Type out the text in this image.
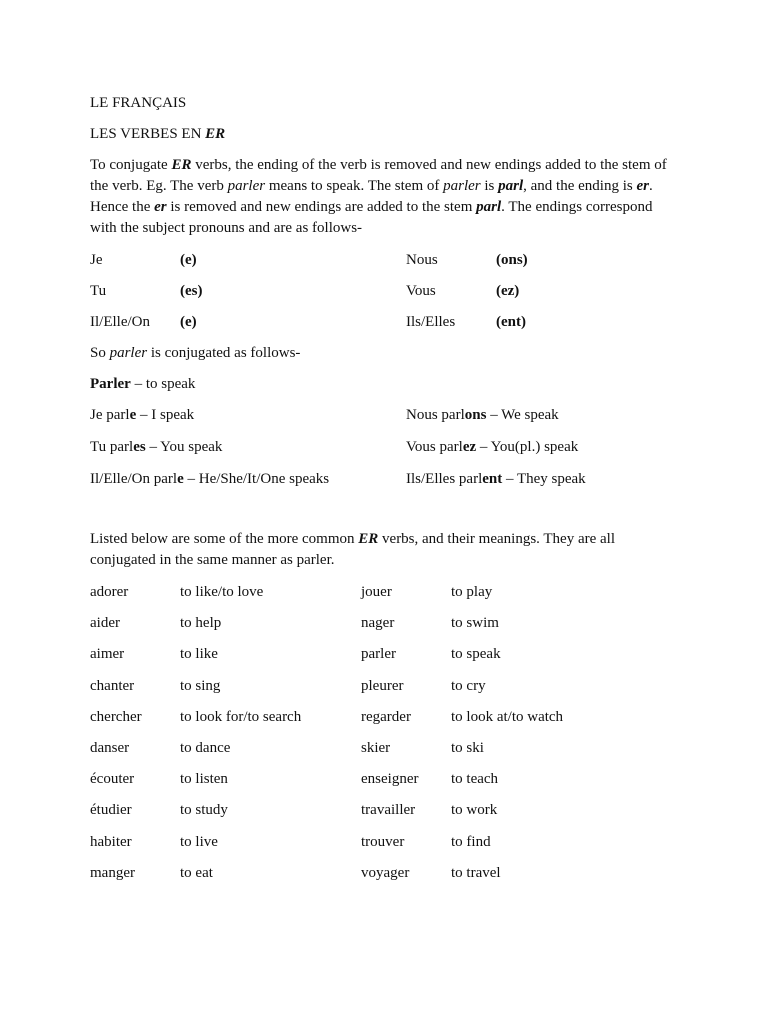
LE FRANÇAIS
LES VERBES EN ER
To conjugate ER verbs, the ending of the verb is removed and new endings added to the stem of the verb. Eg. The verb parler means to speak. The stem of parler is parl, and the ending is er. Hence the er is removed and new endings are added to the stem parl. The endings correspond with the subject pronouns and are as follows-
Je	(e)	Nous	(ons)
Tu	(es)	Vous	(ez)
Il/Elle/On (e)	Ils/Elles	(ent)
So parler is conjugated as follows-
Parler – to speak
Je parle – I speak	Nous parlons – We speak
Tu parles – You speak	Vous parlez – You(pl.) speak
Il/Elle/On parle – He/She/It/One speaks	Ils/Elles parlent – They speak
Listed below are some of the more common ER verbs, and their meanings. They are all conjugated in the same manner as parler.
adorer	to like/to love	jouer	to play
aider	to help	nager	to swim
aimer	to like	parler	to speak
chanter	to sing	pleurer	to cry
chercher	to look for/to search	regarder	to look at/to watch
danser	to dance	skier	to ski
écouter	to listen	enseigner to teach
étudier	to study	travailler to work
habiter	to live	trouver	to find
manger	to eat	voyager	to travel
